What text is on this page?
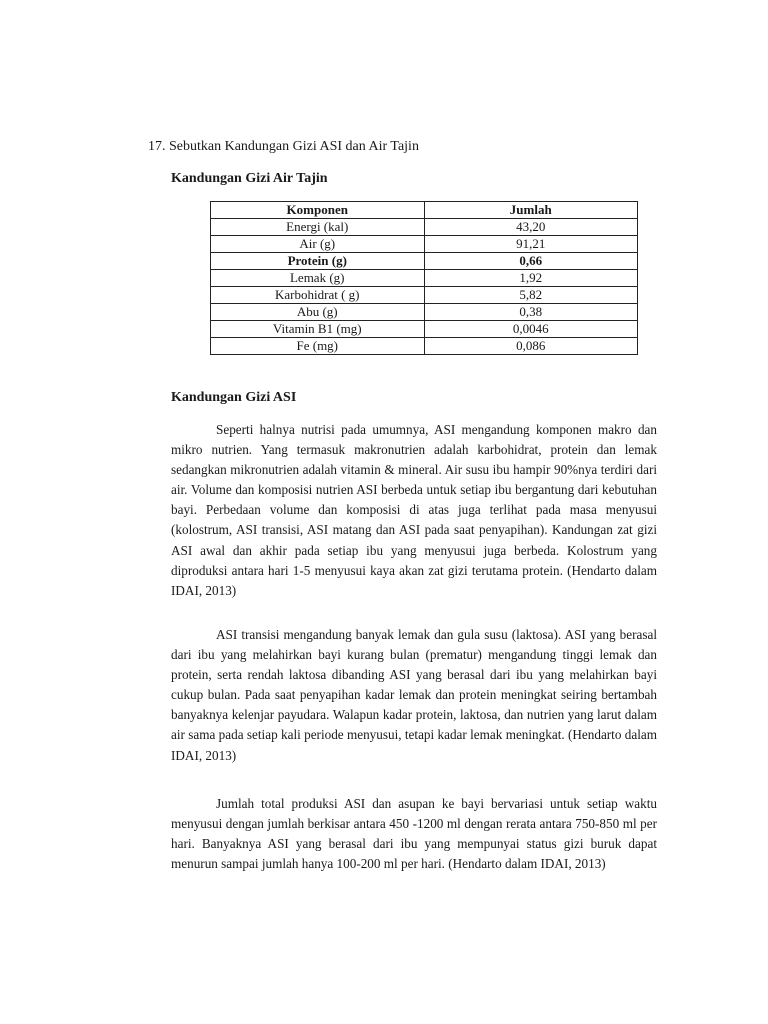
17. Sebutkan Kandungan Gizi ASI dan Air Tajin
Kandungan Gizi Air Tajin
Komponen	Jumlah
Energi (kal)	43,20
Air (g)	91,21
Protein (g)	0,66
Lemak (g)	1,92
Karbohidrat ( g)	5,82
Abu (g)	0,38
Vitamin B1 (mg)	0,0046
Fe (mg)	0,086
Kandungan Gizi ASI

Seperti halnya nutrisi pada umumnya, ASI mengandung komponen makro dan mikro nutrien. Yang termasuk makronutrien adalah karbohidrat, protein dan lemak sedangkan mikronutrien adalah vitamin & mineral. Air susu ibu hampir 90%nya terdiri dari air. Volume dan komposisi nutrien ASI berbeda untuk setiap ibu bergantung dari kebutuhan bayi. Perbedaan volume dan komposisi di atas juga terlihat pada masa menyusui (kolostrum, ASI transisi, ASI matang dan ASI pada saat penyapihan). Kandungan zat gizi ASI awal dan akhir pada setiap ibu yang menyusui juga berbeda. Kolostrum yang diproduksi antara hari 1-5 menyusui kaya akan zat gizi terutama protein. (Hendarto dalam IDAI, 2013)

ASI transisi mengandung banyak lemak dan gula susu (laktosa). ASI yang berasal dari ibu yang melahirkan bayi kurang bulan (prematur) mengandung tinggi lemak dan protein, serta rendah laktosa dibanding ASI yang berasal dari ibu yang melahirkan bayi cukup bulan. Pada saat penyapihan kadar lemak dan protein meningkat seiring bertambah banyaknya kelenjar payudara. Walapun kadar protein, laktosa, dan nutrien yang larut dalam air sama pada setiap kali periode menyusui, tetapi kadar lemak meningkat. (Hendarto dalam IDAI, 2013)

Jumlah total produksi ASI dan asupan ke bayi bervariasi untuk setiap waktu menyusui dengan jumlah berkisar antara 450 -1200 ml dengan rerata antara 750-850 ml per hari. Banyaknya ASI yang berasal dari ibu yang mempunyai status gizi buruk dapat menurun sampai jumlah hanya 100-200 ml per hari. (Hendarto dalam IDAI, 2013)
